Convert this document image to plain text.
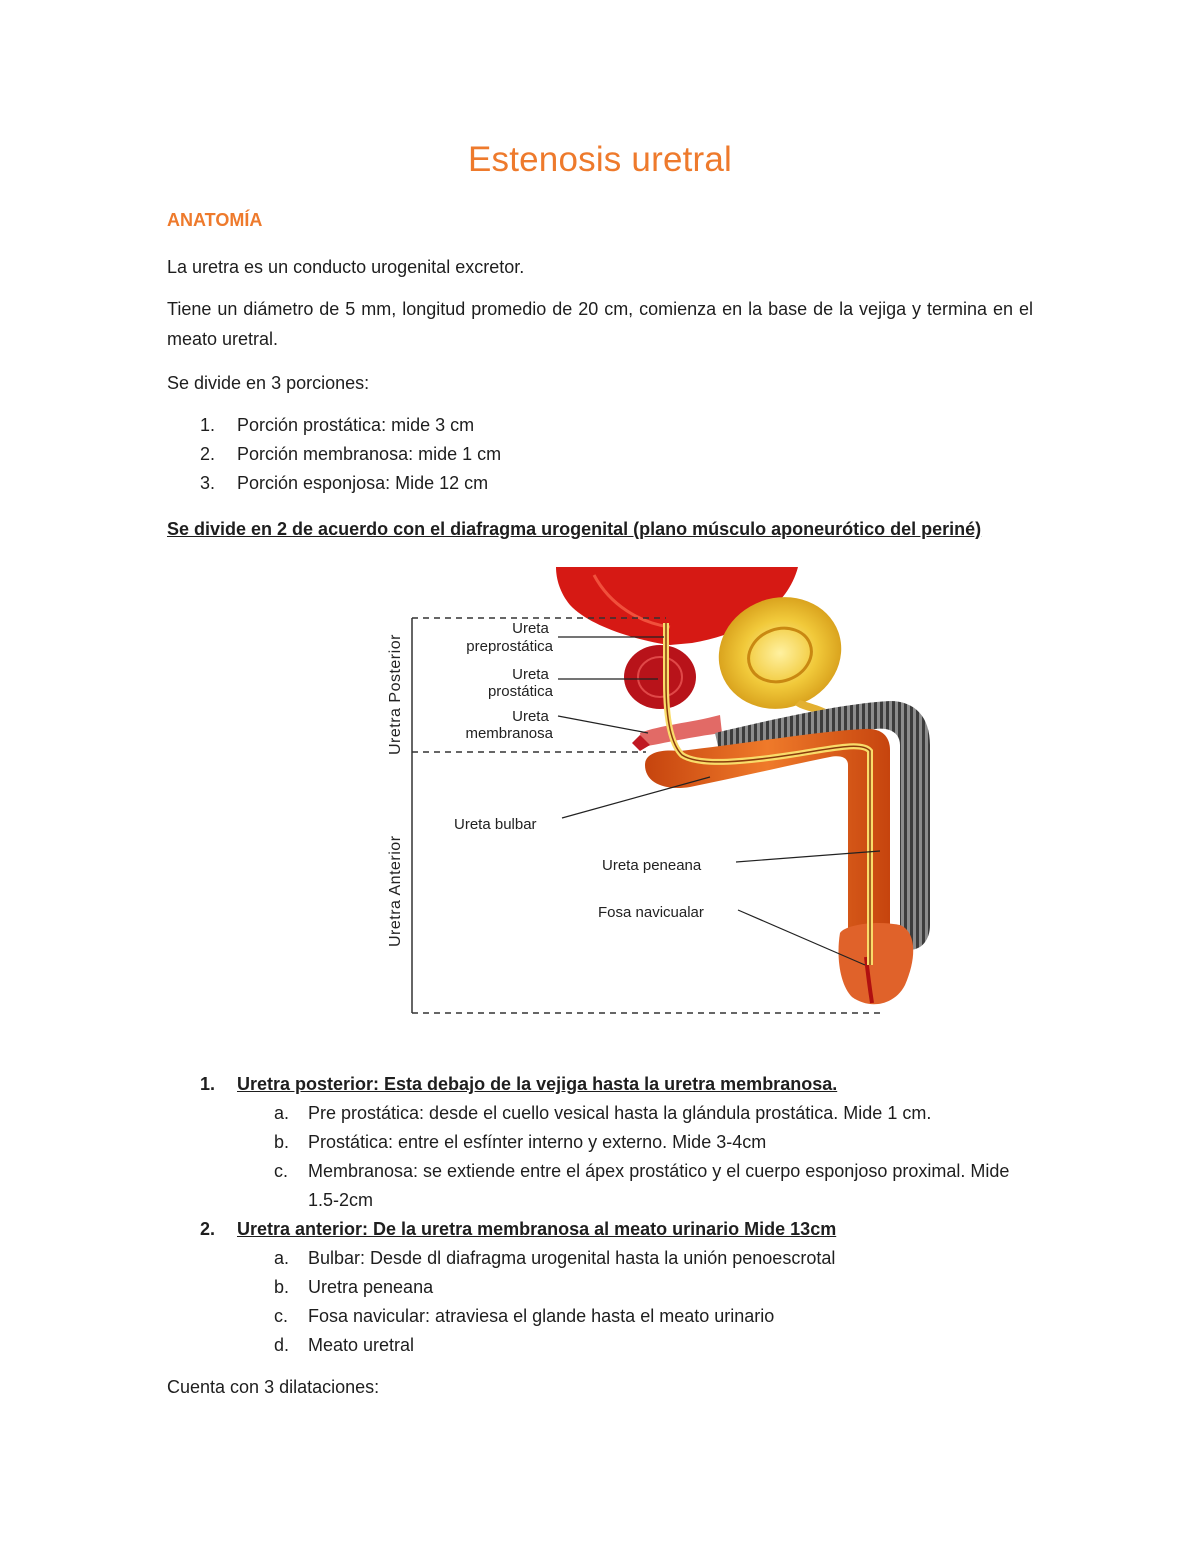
Estenosis uretral
ANATOMÍA

La uretra es un conducto urogenital excretor.

Tiene un diámetro de 5 mm, longitud promedio de 20 cm, comienza en la base de la vejiga y termina en el meato uretral.

Se divide en 3 porciones:

1.	Porción prostática: mide 3 cm
2.	Porción membranosa: mide 1 cm
3.	Porción esponjosa: Mide 12 cm

Se divide en 2 de acuerdo con el diafragma urogenital (plano músculo aponeurótico del periné)

Uretra Posterior
Uretra Anterior
Ureta preprostática
Ureta prostática
Ureta membranosa
Ureta bulbar
Ureta peneana
Fosa navicualar
1. Uretra posterior: Esta debajo de la vejiga hasta la uretra membranosa.
a. Pre prostática: desde el cuello vesical hasta la glándula prostática. Mide 1 cm.
b. Prostática: entre el esfínter interno y externo. Mide 3-4cm
c. Membranosa: se extiende entre el ápex prostático y el cuerpo esponjoso proximal. Mide 1.5-2cm
2. Uretra anterior: De la uretra membranosa al meato urinario Mide 13cm
a. Bulbar: Desde dl diafragma urogenital hasta la unión penoescrotal
b. Uretra peneana
c. Fosa navicular: atraviesa el glande hasta el meato urinario
d. Meato uretral

Cuenta con 3 dilataciones:
